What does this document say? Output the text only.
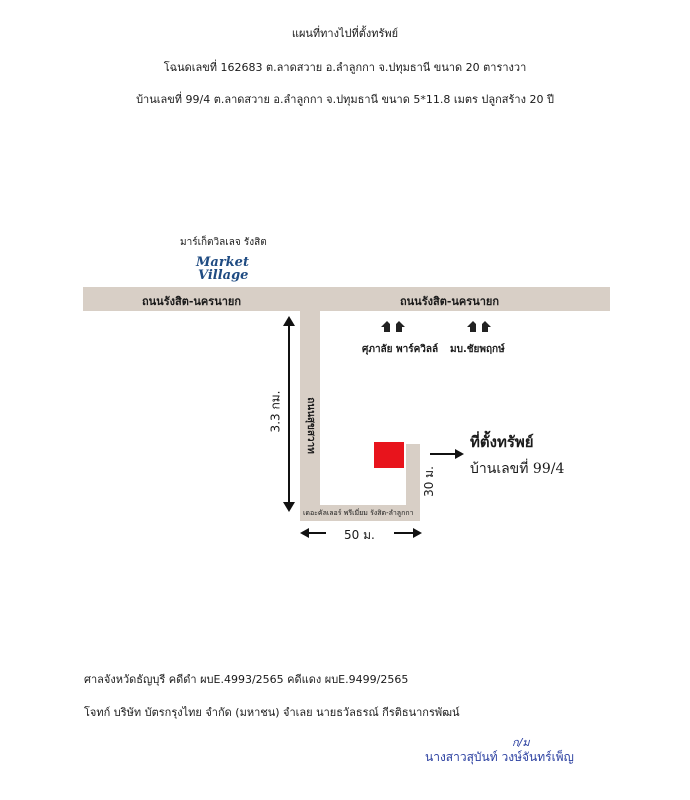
แผนที่ทางไปที่ตั้งทรัพย์
โฉนดเลขที่ 162683 ต.ลาดสวาย อ.ลำลูกกา จ.ปทุมธานี ขนาด 20 ตารางวา
บ้านเลขที่ 99/4 ต.ลาดสวาย อ.ลำลูกกา จ.ปทุมธานี ขนาด 5*11.8 เมตร ปลูกสร้าง 20 ปี
มาร์เก็ตวิลเลจ รังสิต
Market
Village
ถนนรังสิต-นครนายก	ถนนรังสิต-นครนายก
ถนนสุขสวาท
เดอะคัลเลอร์ พรีเมี่ยม รังสิต-ลำลูกกา
ศุภาลัย พาร์ควิลล์ มบ.ชัยพฤกษ์
3.3 กม.
50 ม.
30 ม.
ที่ตั้งทรัพย์
บ้านเลขที่ 99/4
ศาลจังหวัดธัญบุรี คดีดำ ผบE.4993/2565 คดีแดง ผบE.9499/2565
โจทก์ บริษัท บัตรกรุงไทย จำกัด (มหาชน) จำเลย นายธวัลธรณ์ กีรติธนากรพัฒน์
ก/ม
นางสาวสุบันท์ วงษ์จันทร์เพ็ญ
